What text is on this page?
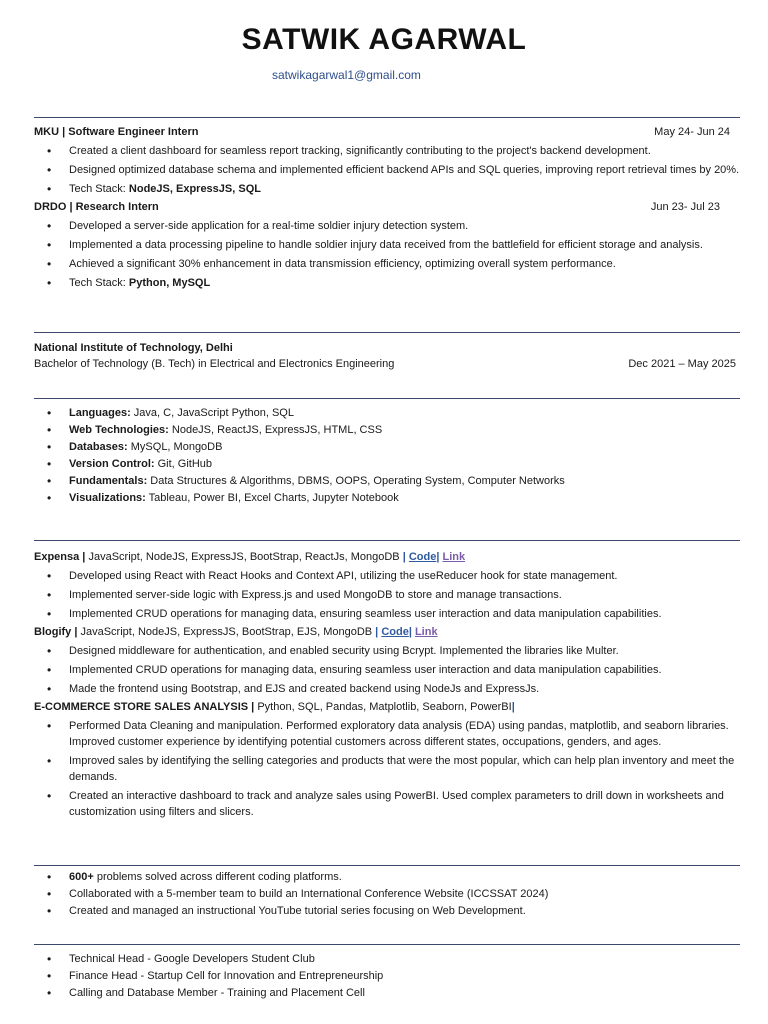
SATWIK AGARWAL
satwikagarwal1@gmail.com
MKU | Software Engineer Intern	May 24- Jun 24
• Created a client dashboard for seamless report tracking, significantly contributing to the project's backend development.
• Designed optimized database schema and implemented efficient backend APIs and SQL queries, improving report retrieval times by 20%.
• Tech Stack: NodeJS, ExpressJS, SQL
DRDO | Research Intern	Jun 23- Jul 23
• Developed a server-side application for a real-time soldier injury detection system.
• Implemented a data processing pipeline to handle soldier injury data received from the battlefield for efficient storage and analysis.
• Achieved a significant 30% enhancement in data transmission efficiency, optimizing overall system performance.
• Tech Stack: Python, MySQL
National Institute of Technology, Delhi
Bachelor of Technology (B. Tech) in Electrical and Electronics Engineering	Dec 2021 – May 2025
• Languages: Java, C, JavaScript Python, SQL
• Web Technologies: NodeJS, ReactJS, ExpressJS, HTML, CSS
• Databases: MySQL, MongoDB
• Version Control: Git, GitHub
• Fundamentals: Data Structures & Algorithms, DBMS, OOPS, Operating System, Computer Networks
• Visualizations: Tableau, Power BI, Excel Charts, Jupyter Notebook
Expensa | JavaScript, NodeJS, ExpressJS, BootStrap, ReactJs, MongoDB | Code| Link
• Developed using React with React Hooks and Context API, utilizing the useReducer hook for state management.
• Implemented server-side logic with Express.js and used MongoDB to store and manage transactions.
• Implemented CRUD operations for managing data, ensuring seamless user interaction and data manipulation capabilities.
Blogify | JavaScript, NodeJS, ExpressJS, BootStrap, EJS, MongoDB | Code| Link
• Designed middleware for authentication, and enabled security using Bcrypt. Implemented the libraries like Multer.
• Implemented CRUD operations for managing data, ensuring seamless user interaction and data manipulation capabilities.
• Made the frontend using Bootstrap, and EJS and created backend using NodeJs and ExpressJs.
E-COMMERCE STORE SALES ANALYSIS | Python, SQL, Pandas, Matplotlib, Seaborn, PowerBI|
• Performed Data Cleaning and manipulation. Performed exploratory data analysis (EDA) using pandas, matplotlib, and seaborn libraries. Improved customer experience by identifying potential customers across different states, occupations, genders, and ages.
• Improved sales by identifying the selling categories and products that were the most popular, which can help plan inventory and meet the demands.
• Created an interactive dashboard to track and analyze sales using PowerBI. Used complex parameters to drill down in worksheets and customization using filters and slicers.
• 600+ problems solved across different coding platforms.
• Collaborated with a 5-member team to build an International Conference Website (ICCSSAT 2024)
• Created and managed an instructional YouTube tutorial series focusing on Web Development.
• Technical Head - Google Developers Student Club
• Finance Head - Startup Cell for Innovation and Entrepreneurship
• Calling and Database Member - Training and Placement Cell
